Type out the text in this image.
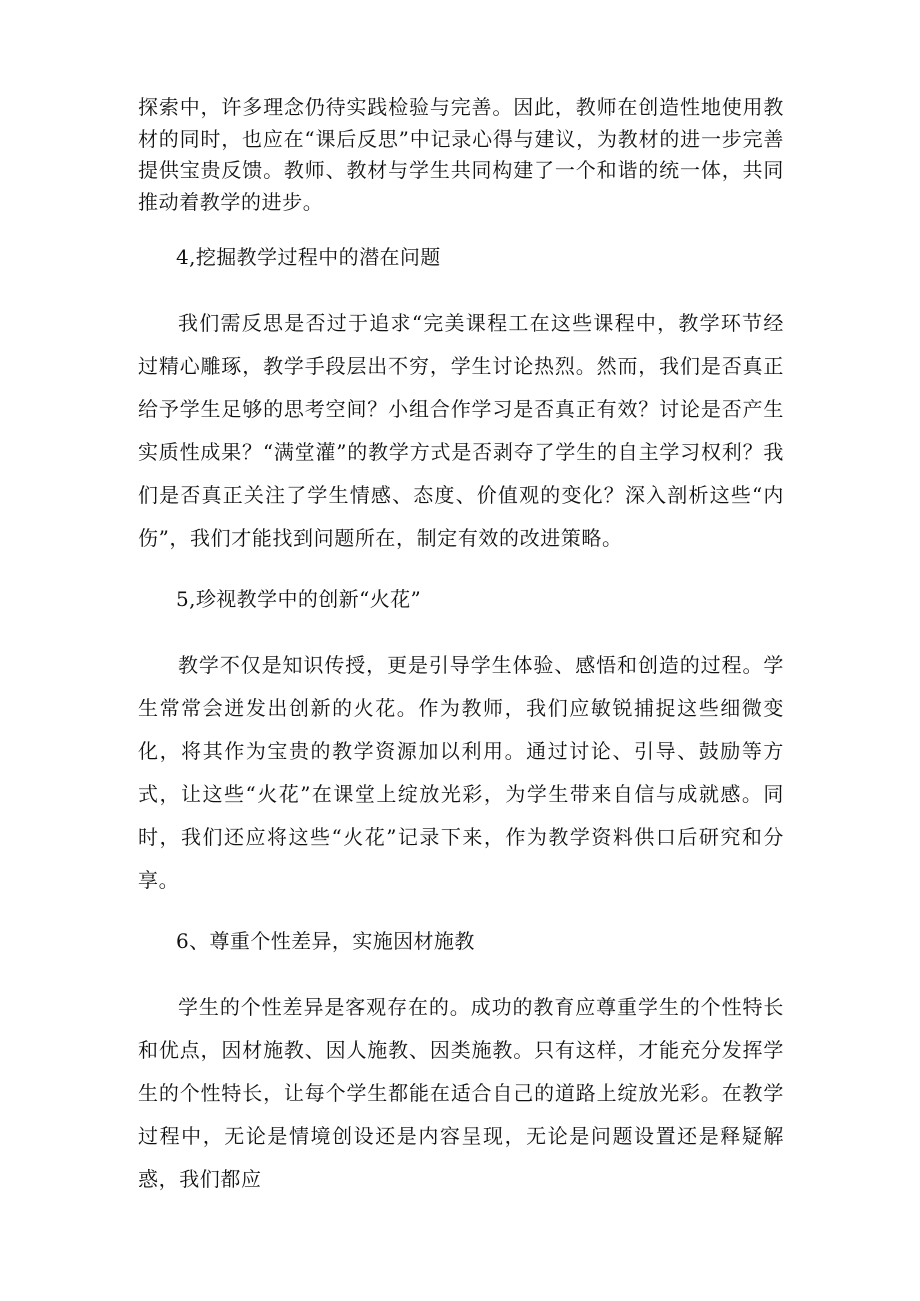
探索中，许多理念仍待实践检验与完善。因此，教师在创造性地使用教材的同时，也应在“课后反思”中记录心得与建议，为教材的进一步完善提供宝贵反馈。教师、教材与学生共同构建了一个和谐的统一体，共同推动着教学的进步。

4,挖掘教学过程中的潜在问题

我们需反思是否过于追求“完美课程工在这些课程中，教学环节经过精心雕琢，教学手段层出不穷，学生讨论热烈。然而，我们是否真正给予学生足够的思考空间？小组合作学习是否真正有效？讨论是否产生实质性成果？“满堂灌”的教学方式是否剥夺了学生的自主学习权利？我们是否真正关注了学生情感、态度、价值观的变化？深入剖析这些“内伤”，我们才能找到问题所在，制定有效的改进策略。

5,珍视教学中的创新“火花”

教学不仅是知识传授，更是引导学生体验、感悟和创造的过程。学生常常会迸发出创新的火花。作为教师，我们应敏锐捕捉这些细微变化，将其作为宝贵的教学资源加以利用。通过讨论、引导、鼓励等方式，让这些“火花”在课堂上绽放光彩，为学生带来自信与成就感。同时，我们还应将这些“火花”记录下来，作为教学资料供口后研究和分享。

6、尊重个性差异，实施因材施教

学生的个性差异是客观存在的。成功的教育应尊重学生的个性特长和优点，因材施教、因人施教、因类施教。只有这样，才能充分发挥学生的个性特长，让每个学生都能在适合自己的道路上绽放光彩。在教学过程中，无论是情境创设还是内容呈现，无论是问题设置还是释疑解惑，我们都应
